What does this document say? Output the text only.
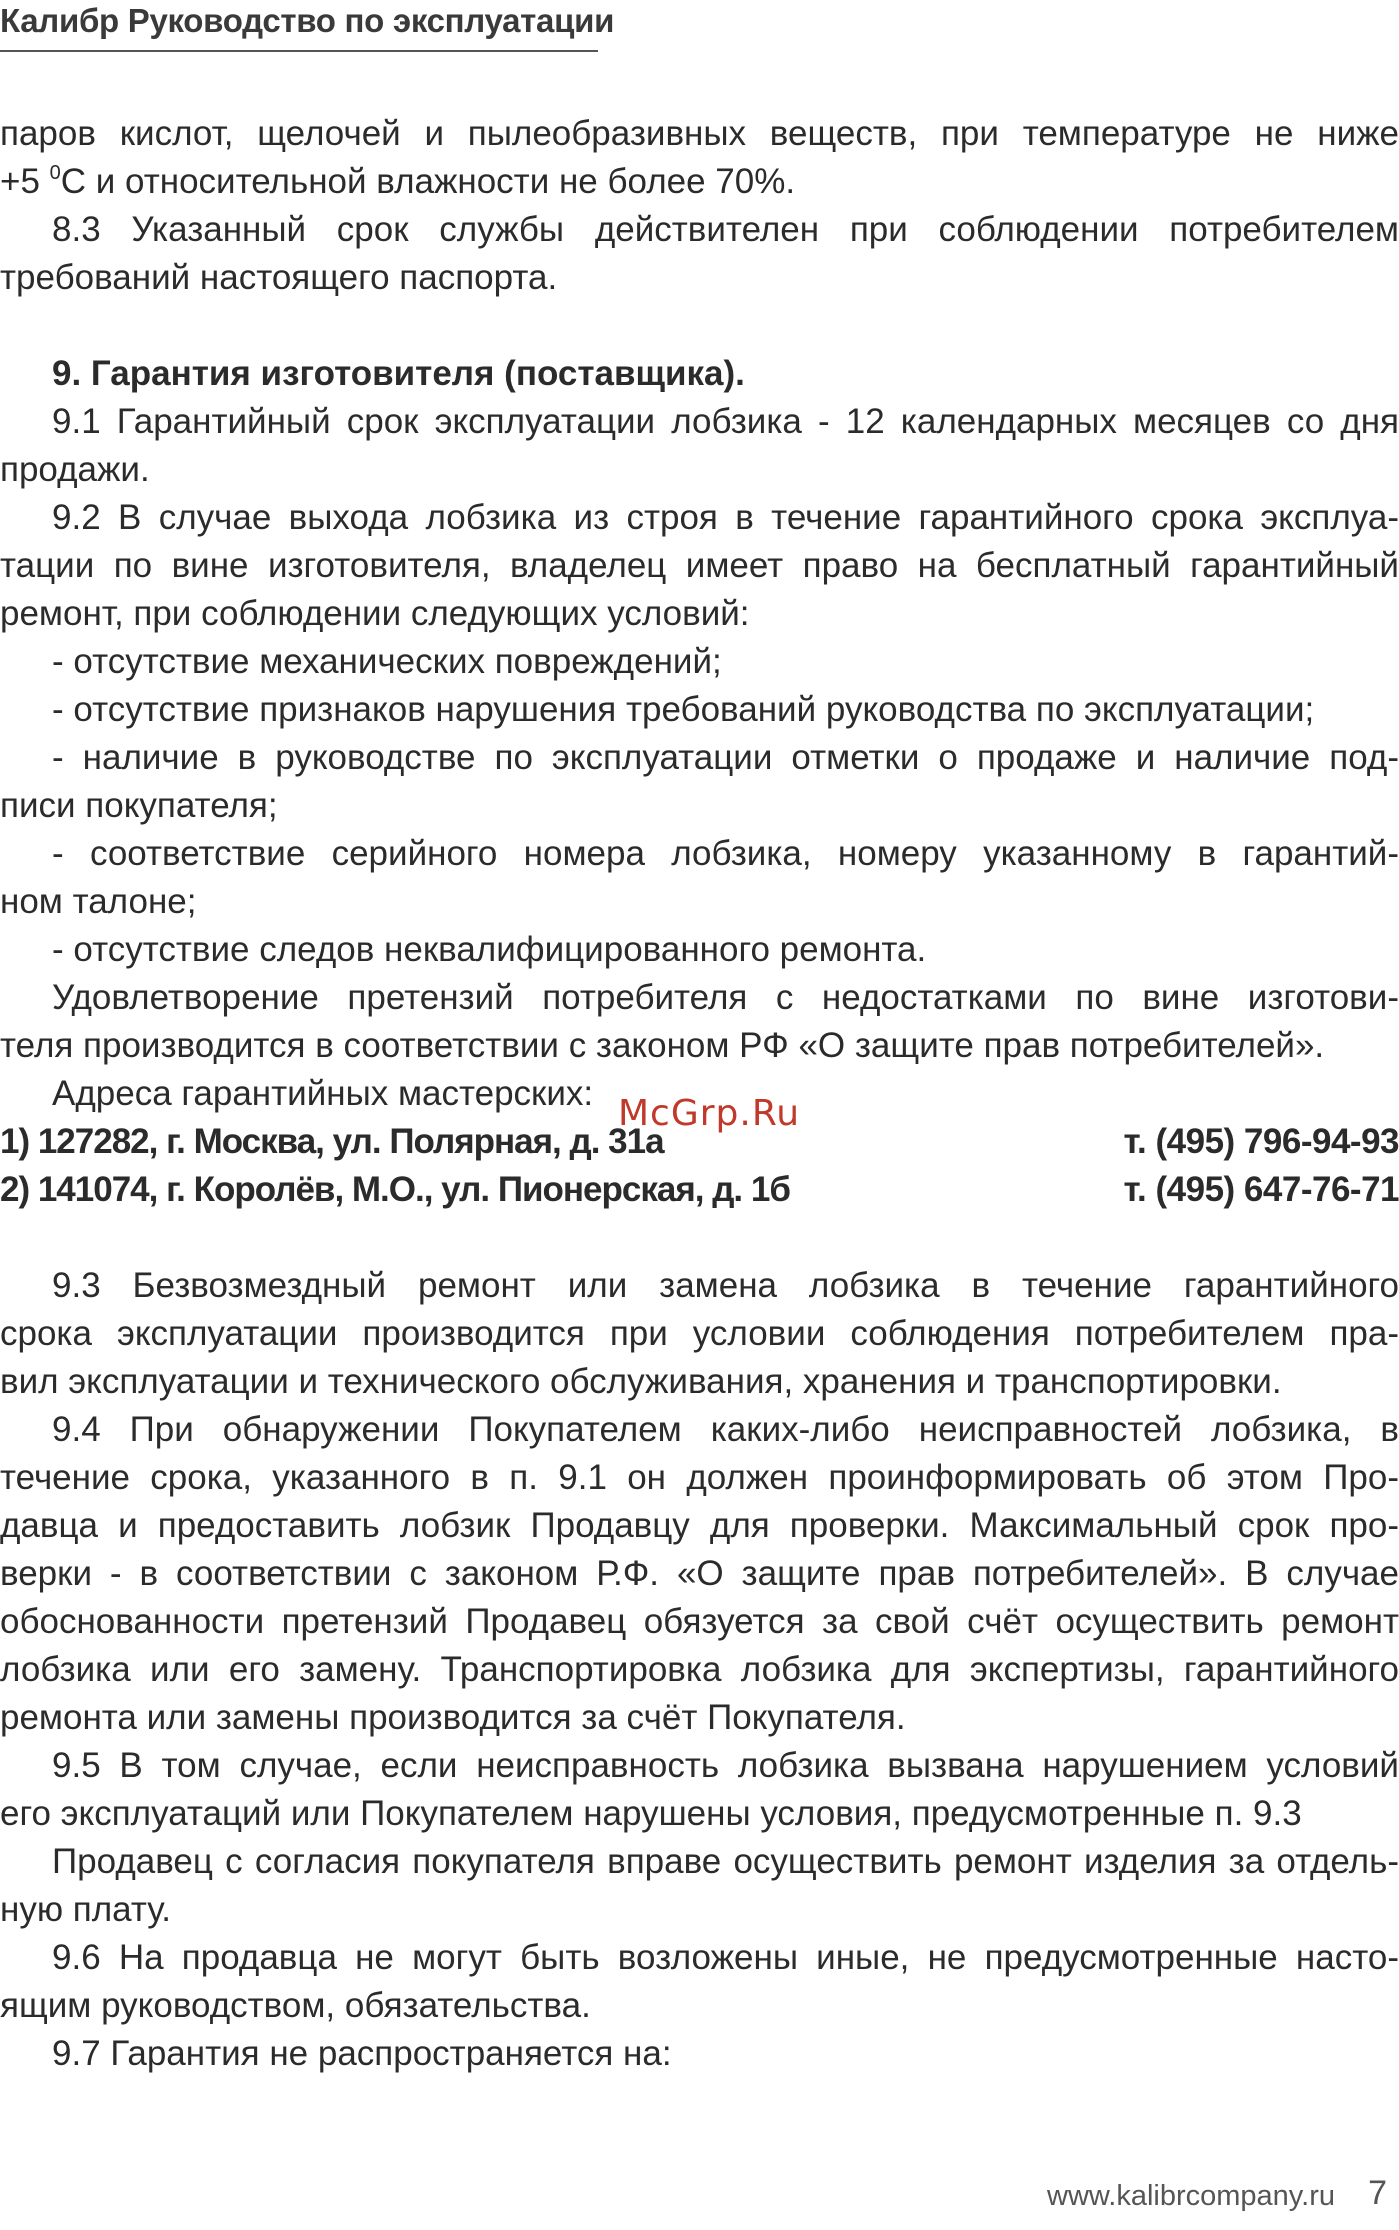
Калибр Руководство по эксплуатации
паров кислот, щелочей и пылеобразивных веществ, при температуре не ниже
+5 $^0$С и относительной влажности не более 70%.
8.3 Указанный срок службы действителен при соблюдении потребителем
требований настоящего паспорта.
9. Гарантия изготовителя (поставщика).
9.1 Гарантийный срок эксплуатации лобзика - 12 календарных месяцев со дня
продажи.
9.2 В случае выхода лобзика из строя в течение гарантийного срока эксплуа-
тации по вине изготовителя, владелец имеет право на бесплатный гарантийный
ремонт, при соблюдении следующих условий:
- отсутствие механических повреждений;
- отсутствие признаков нарушения требований руководства по эксплуатации;
- наличие в руководстве по эксплуатации отметки о продаже и наличие под-
писи покупателя;
- соответствие серийного номера лобзика, номеру указанному в гарантий-
ном талоне;
- отсутствие следов неквалифицированного ремонта.
Удовлетворение претензий потребителя с недостатками по вине изготови-
теля производится в соответствии с законом РФ «О защите прав потребителей».
Адреса гарантийных мастерских:
1) 127282, г. Москва, ул. Полярная, д. 31а	т. (495) 796-94-93
2) 141074, г. Королёв, М.О., ул. Пионерская, д. 1б	т. (495) 647-76-71
9.3 Безвозмездный ремонт или замена лобзика в течение гарантийного
срока эксплуатации производится при условии соблюдения потребителем пра-
вил эксплуатации и технического обслуживания, хранения и транспортировки.
9.4 При обнаружении Покупателем каких-либо неисправностей лобзика, в
течение срока, указанного в п. 9.1 он должен проинформировать об этом Про-
давца и предоставить лобзик Продавцу для проверки. Максимальный срок про-
верки - в соответствии с законом Р.Ф. «О защите прав потребителей». В случае
обоснованности претензий Продавец обязуется за свой счёт осуществить ремонт
лобзика или его замену. Транспортировка лобзика для экспертизы, гарантийного
ремонта или замены производится за счёт Покупателя.
9.5 В том случае, если неисправность лобзика вызвана нарушением условий
его эксплуатаций или Покупателем нарушены условия, предусмотренные п. 9.3
Продавец с согласия покупателя вправе осуществить ремонт изделия за отдель-
ную плату.
9.6 На продавца не могут быть возложены иные, не предусмотренные насто-
ящим руководством, обязательства.
9.7 Гарантия не распространяется на:
McGrp.Ru
www.kalibrcompany.ru 7
